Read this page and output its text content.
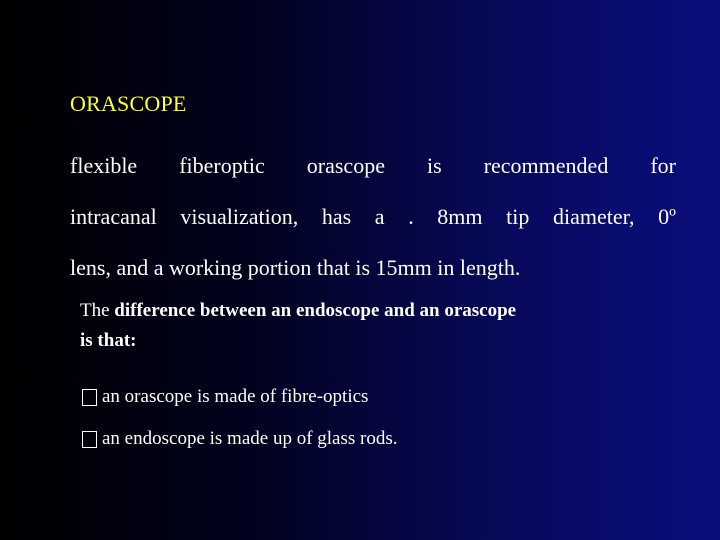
ORASCOPE

flexible fiberoptic orascope is recommended for
intracanal visualization, has a . 8mm tip diameter, 0º
lens, and a working portion that is 15mm in length.

The difference between an endoscope and an orascope
is that:
an orascope is made of fibre-optics
an endoscope is made up of glass rods.
